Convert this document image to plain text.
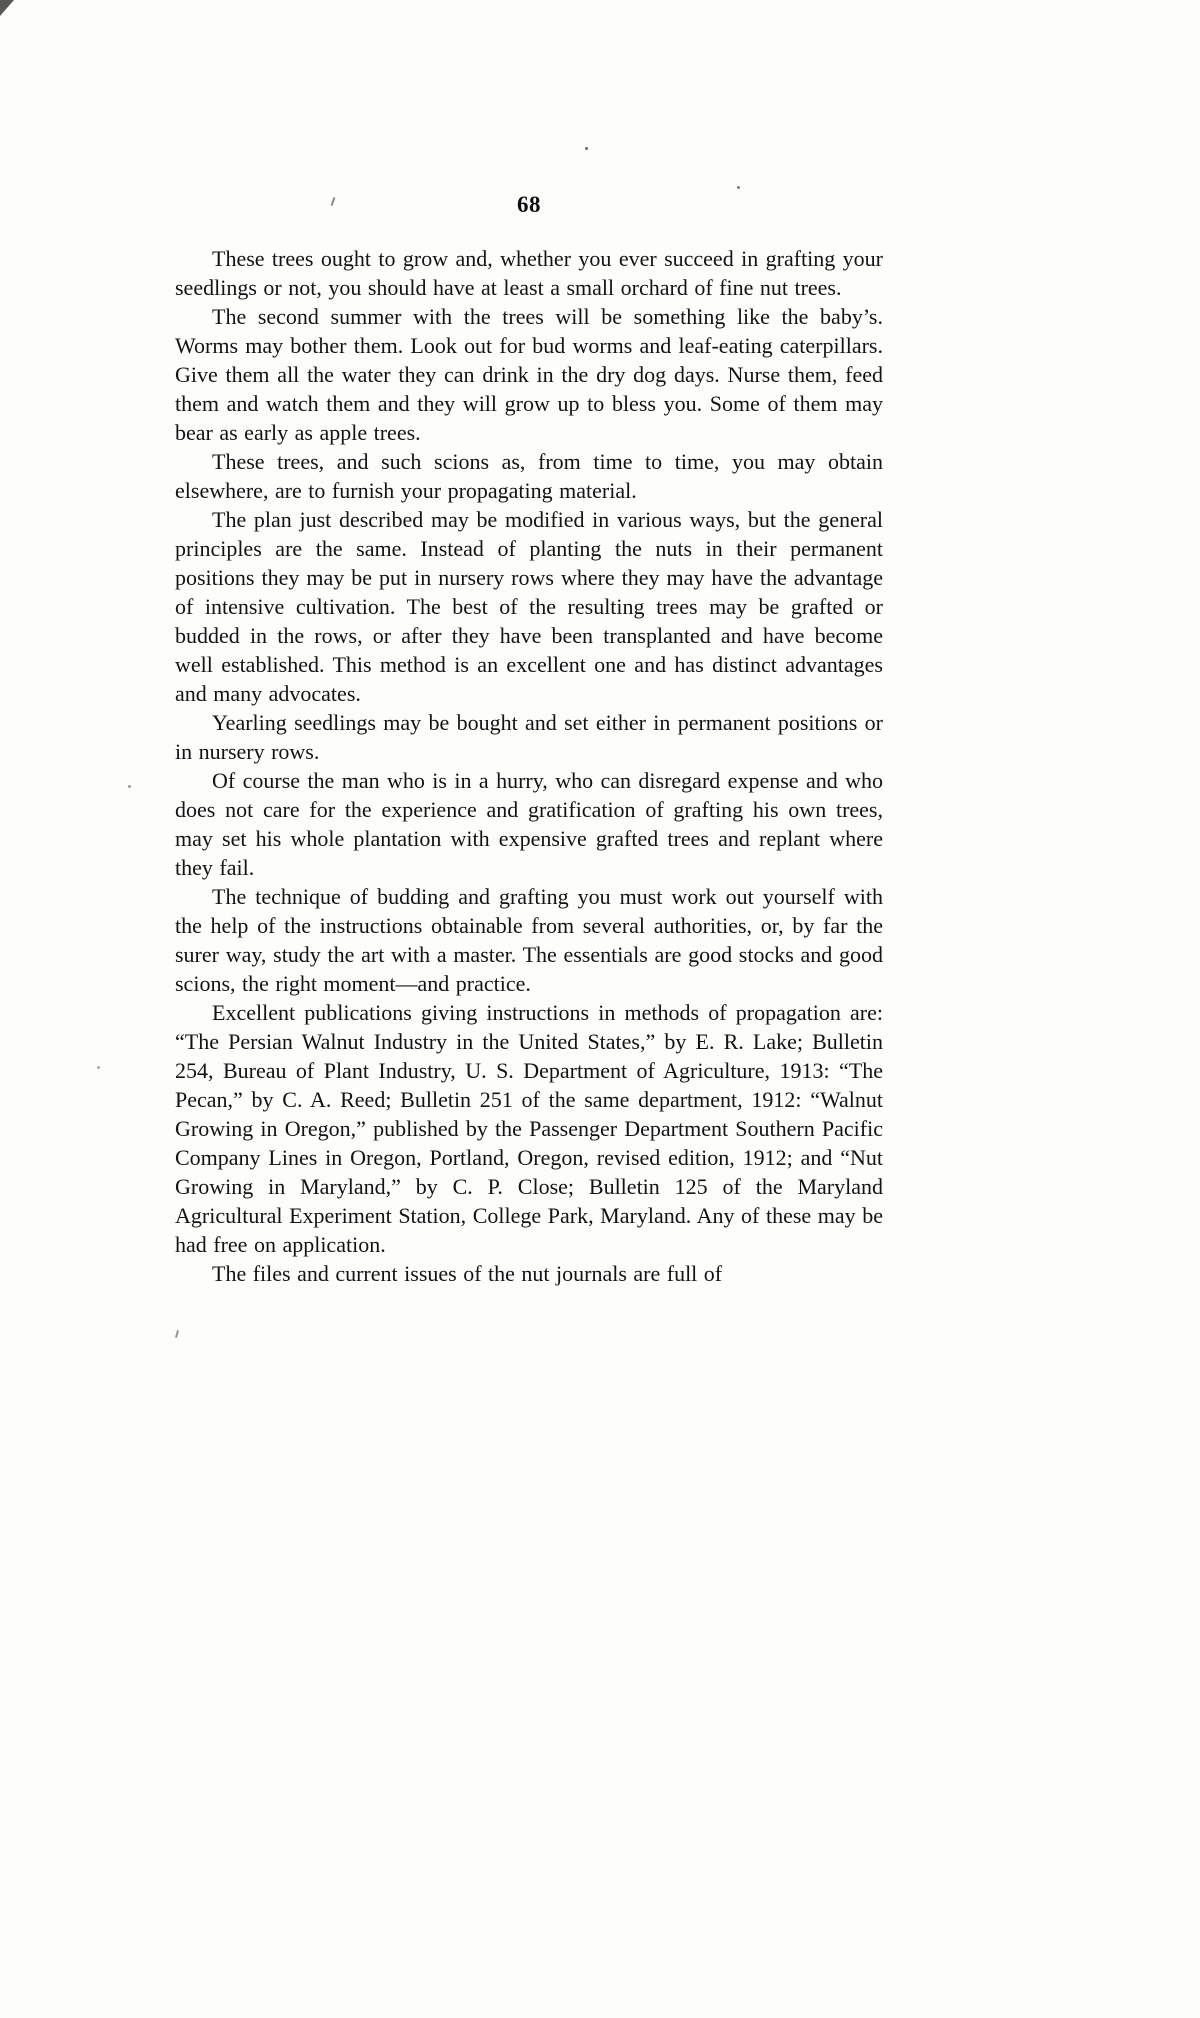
68

These trees ought to grow and, whether you ever succeed in grafting your seedlings or not, you should have at least a small orchard of fine nut trees.

The second summer with the trees will be something like the baby’s. Worms may bother them. Look out for bud worms and leaf-eating caterpillars. Give them all the water they can drink in the dry dog days. Nurse them, feed them and watch them and they will grow up to bless you. Some of them may bear as early as apple trees.

These trees, and such scions as, from time to time, you may obtain elsewhere, are to furnish your propagating material.

The plan just described may be modified in various ways, but the general principles are the same. Instead of planting the nuts in their permanent positions they may be put in nursery rows where they may have the advantage of intensive cultivation. The best of the resulting trees may be grafted or budded in the rows, or after they have been transplanted and have become well established. This method is an excellent one and has distinct advantages and many advocates.

Yearling seedlings may be bought and set either in permanent positions or in nursery rows.

Of course the man who is in a hurry, who can disregard expense and who does not care for the experience and gratification of grafting his own trees, may set his whole plantation with expensive grafted trees and replant where they fail.

The technique of budding and grafting you must work out yourself with the help of the instructions obtainable from several authorities, or, by far the surer way, study the art with a master. The essentials are good stocks and good scions, the right moment—and practice.

Excellent publications giving instructions in methods of propagation are: “The Persian Walnut Industry in the United States,” by E. R. Lake; Bulletin 254, Bureau of Plant Industry, U. S. Department of Agriculture, 1913: “The Pecan,” by C. A. Reed; Bulletin 251 of the same department, 1912: “Walnut Growing in Oregon,” published by the Passenger Department Southern Pacific Company Lines in Oregon, Portland, Oregon, revised edition, 1912; and “Nut Growing in Maryland,” by C. P. Close; Bulletin 125 of the Maryland Agricultural Experiment Station, College Park, Maryland. Any of these may be had free on application.

The files and current issues of the nut journals are full of
